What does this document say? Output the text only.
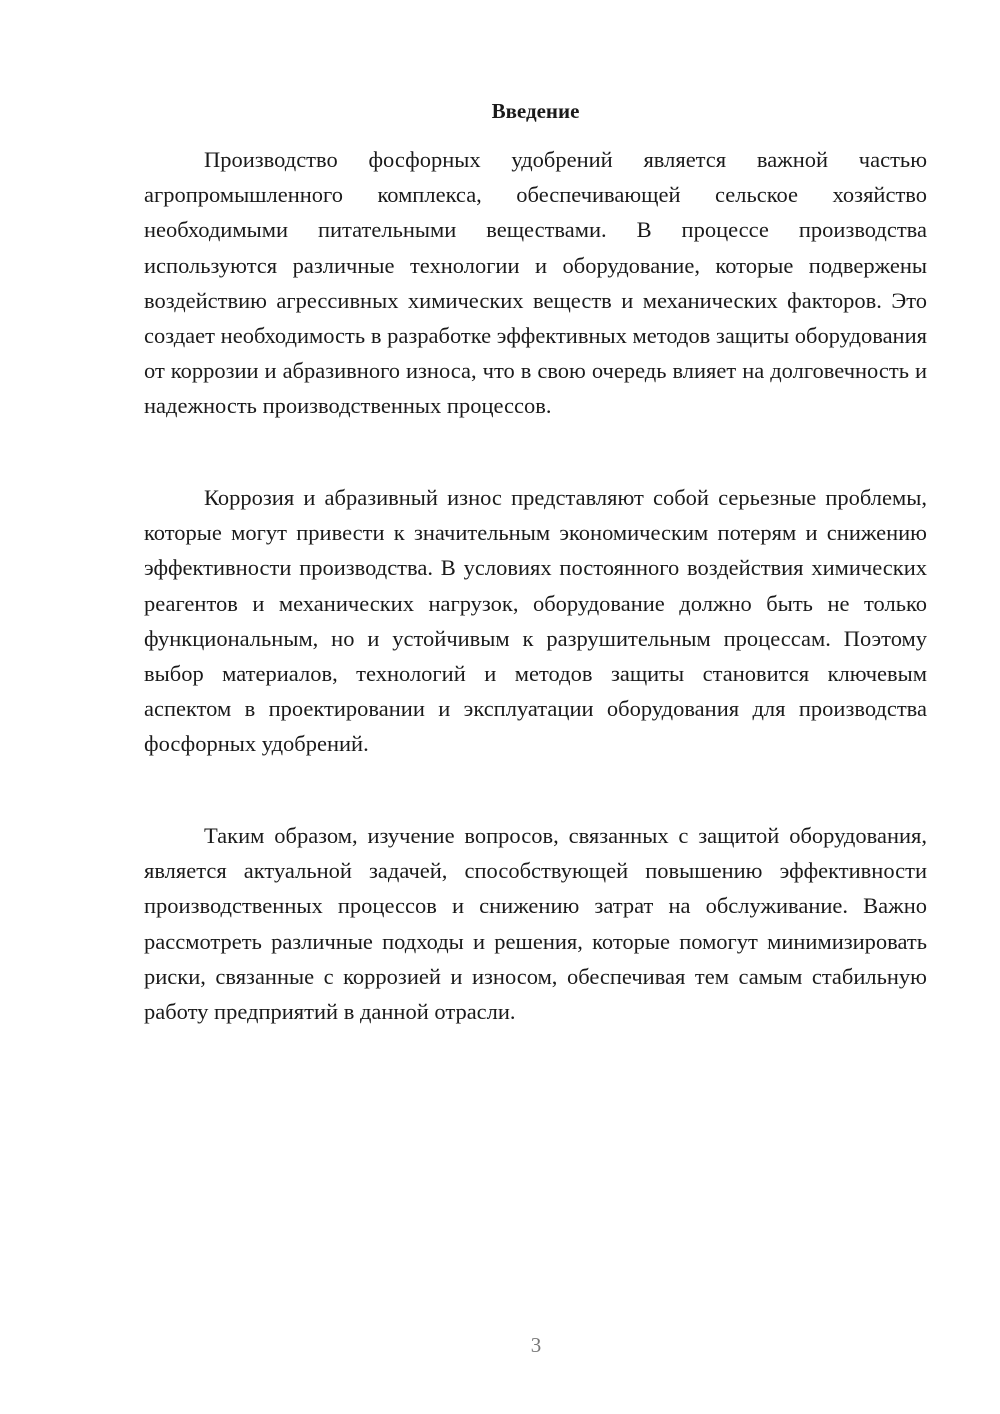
Введение

Производство фосфорных удобрений является важной частью агропромышленного комплекса, обеспечивающей сельское хозяйство необходимыми питательными веществами. В процессе производства используются различные технологии и оборудование, которые подвержены воздействию агрессивных химических веществ и механических факторов. Это создает необходимость в разработке эффективных методов защиты оборудования от коррозии и абразивного износа, что в свою очередь влияет на долговечность и надежность производственных процессов.

Коррозия и абразивный износ представляют собой серьезные проблемы, которые могут привести к значительным экономическим потерям и снижению эффективности производства. В условиях постоянного воздействия химических реагентов и механических нагрузок, оборудование должно быть не только функциональным, но и устойчивым к разрушительным процессам. Поэтому выбор материалов, технологий и методов защиты становится ключевым аспектом в проектировании и эксплуатации оборудования для производства фосфорных удобрений.

Таким образом, изучение вопросов, связанных с защитой оборудования, является актуальной задачей, способствующей повышению эффективности производственных процессов и снижению затрат на обслуживание. Важно рассмотреть различные подходы и решения, которые помогут минимизировать риски, связанные с коррозией и износом, обеспечивая тем самым стабильную работу предприятий в данной отрасли.

3
